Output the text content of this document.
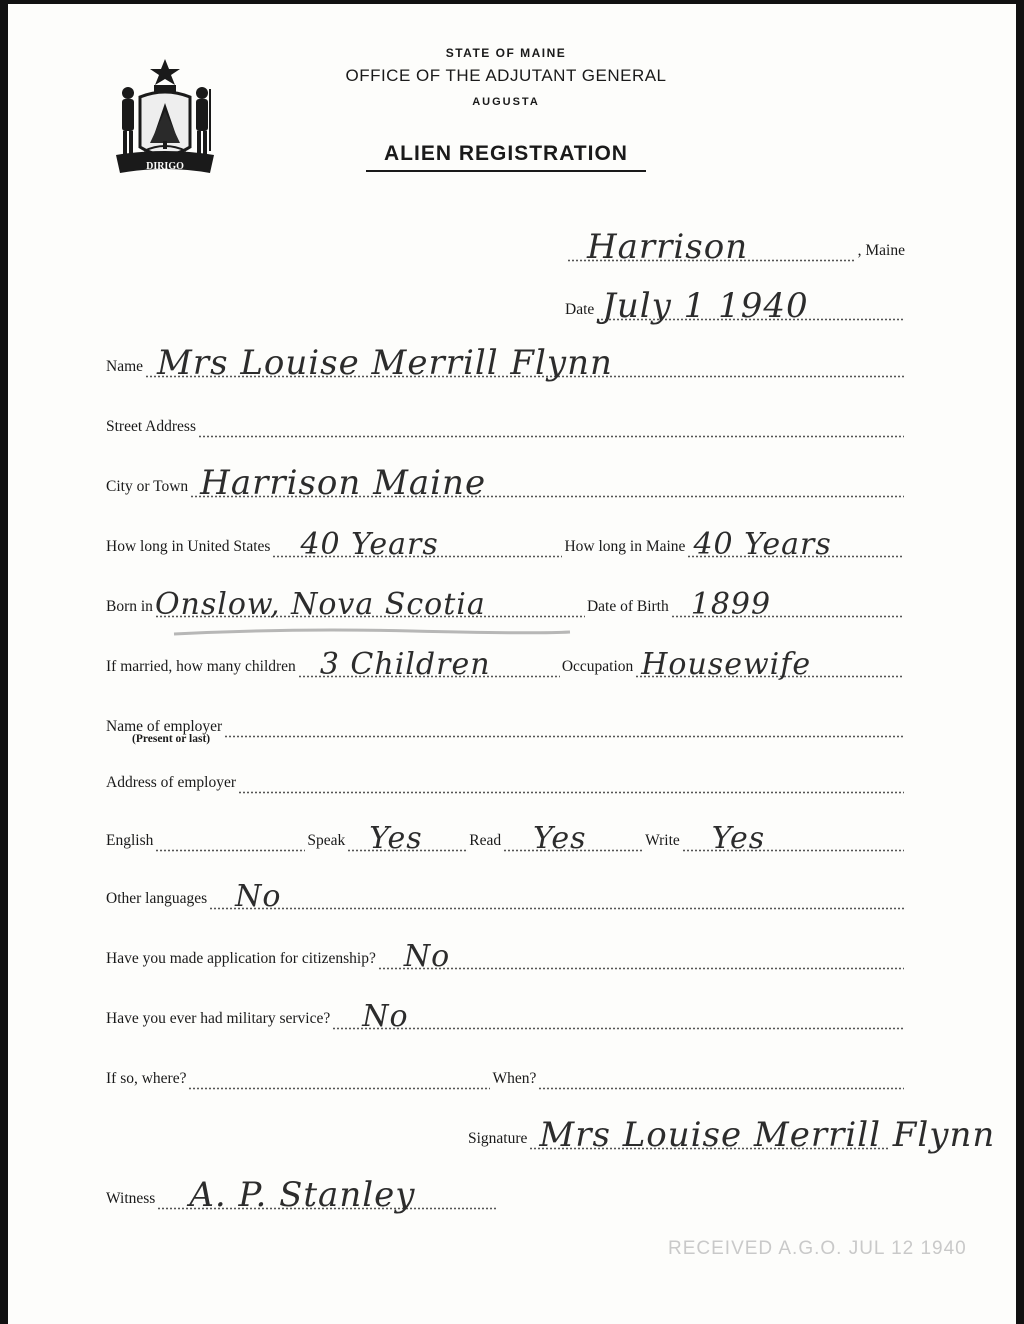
DIRIGO
STATE OF MAINE
OFFICE OF THE ADJUTANT GENERAL
AUGUSTA
ALIEN REGISTRATION
Harrison	, Maine
Date July 1 1940
Name Mrs Louise Merrill Flynn
Street Address
City or Town Harrison Maine
How long in United States 40 Years	How long in Maine 40 Years
Born in Onslow, Nova Scotia	Date of Birth 1899
If married, how many children 3 Children	Occupation Housewife
Name of employer
(Present or last)
Address of employer
English	Speak Yes	Read Yes	Write Yes
Other languages No
Have you made application for citizenship? No
Have you ever had military service? No
If so, where?	When?
Signature Mrs Louise Merrill Flynn
Witness A. P. Stanley
RECEIVED A.G.O. JUL 12 1940
